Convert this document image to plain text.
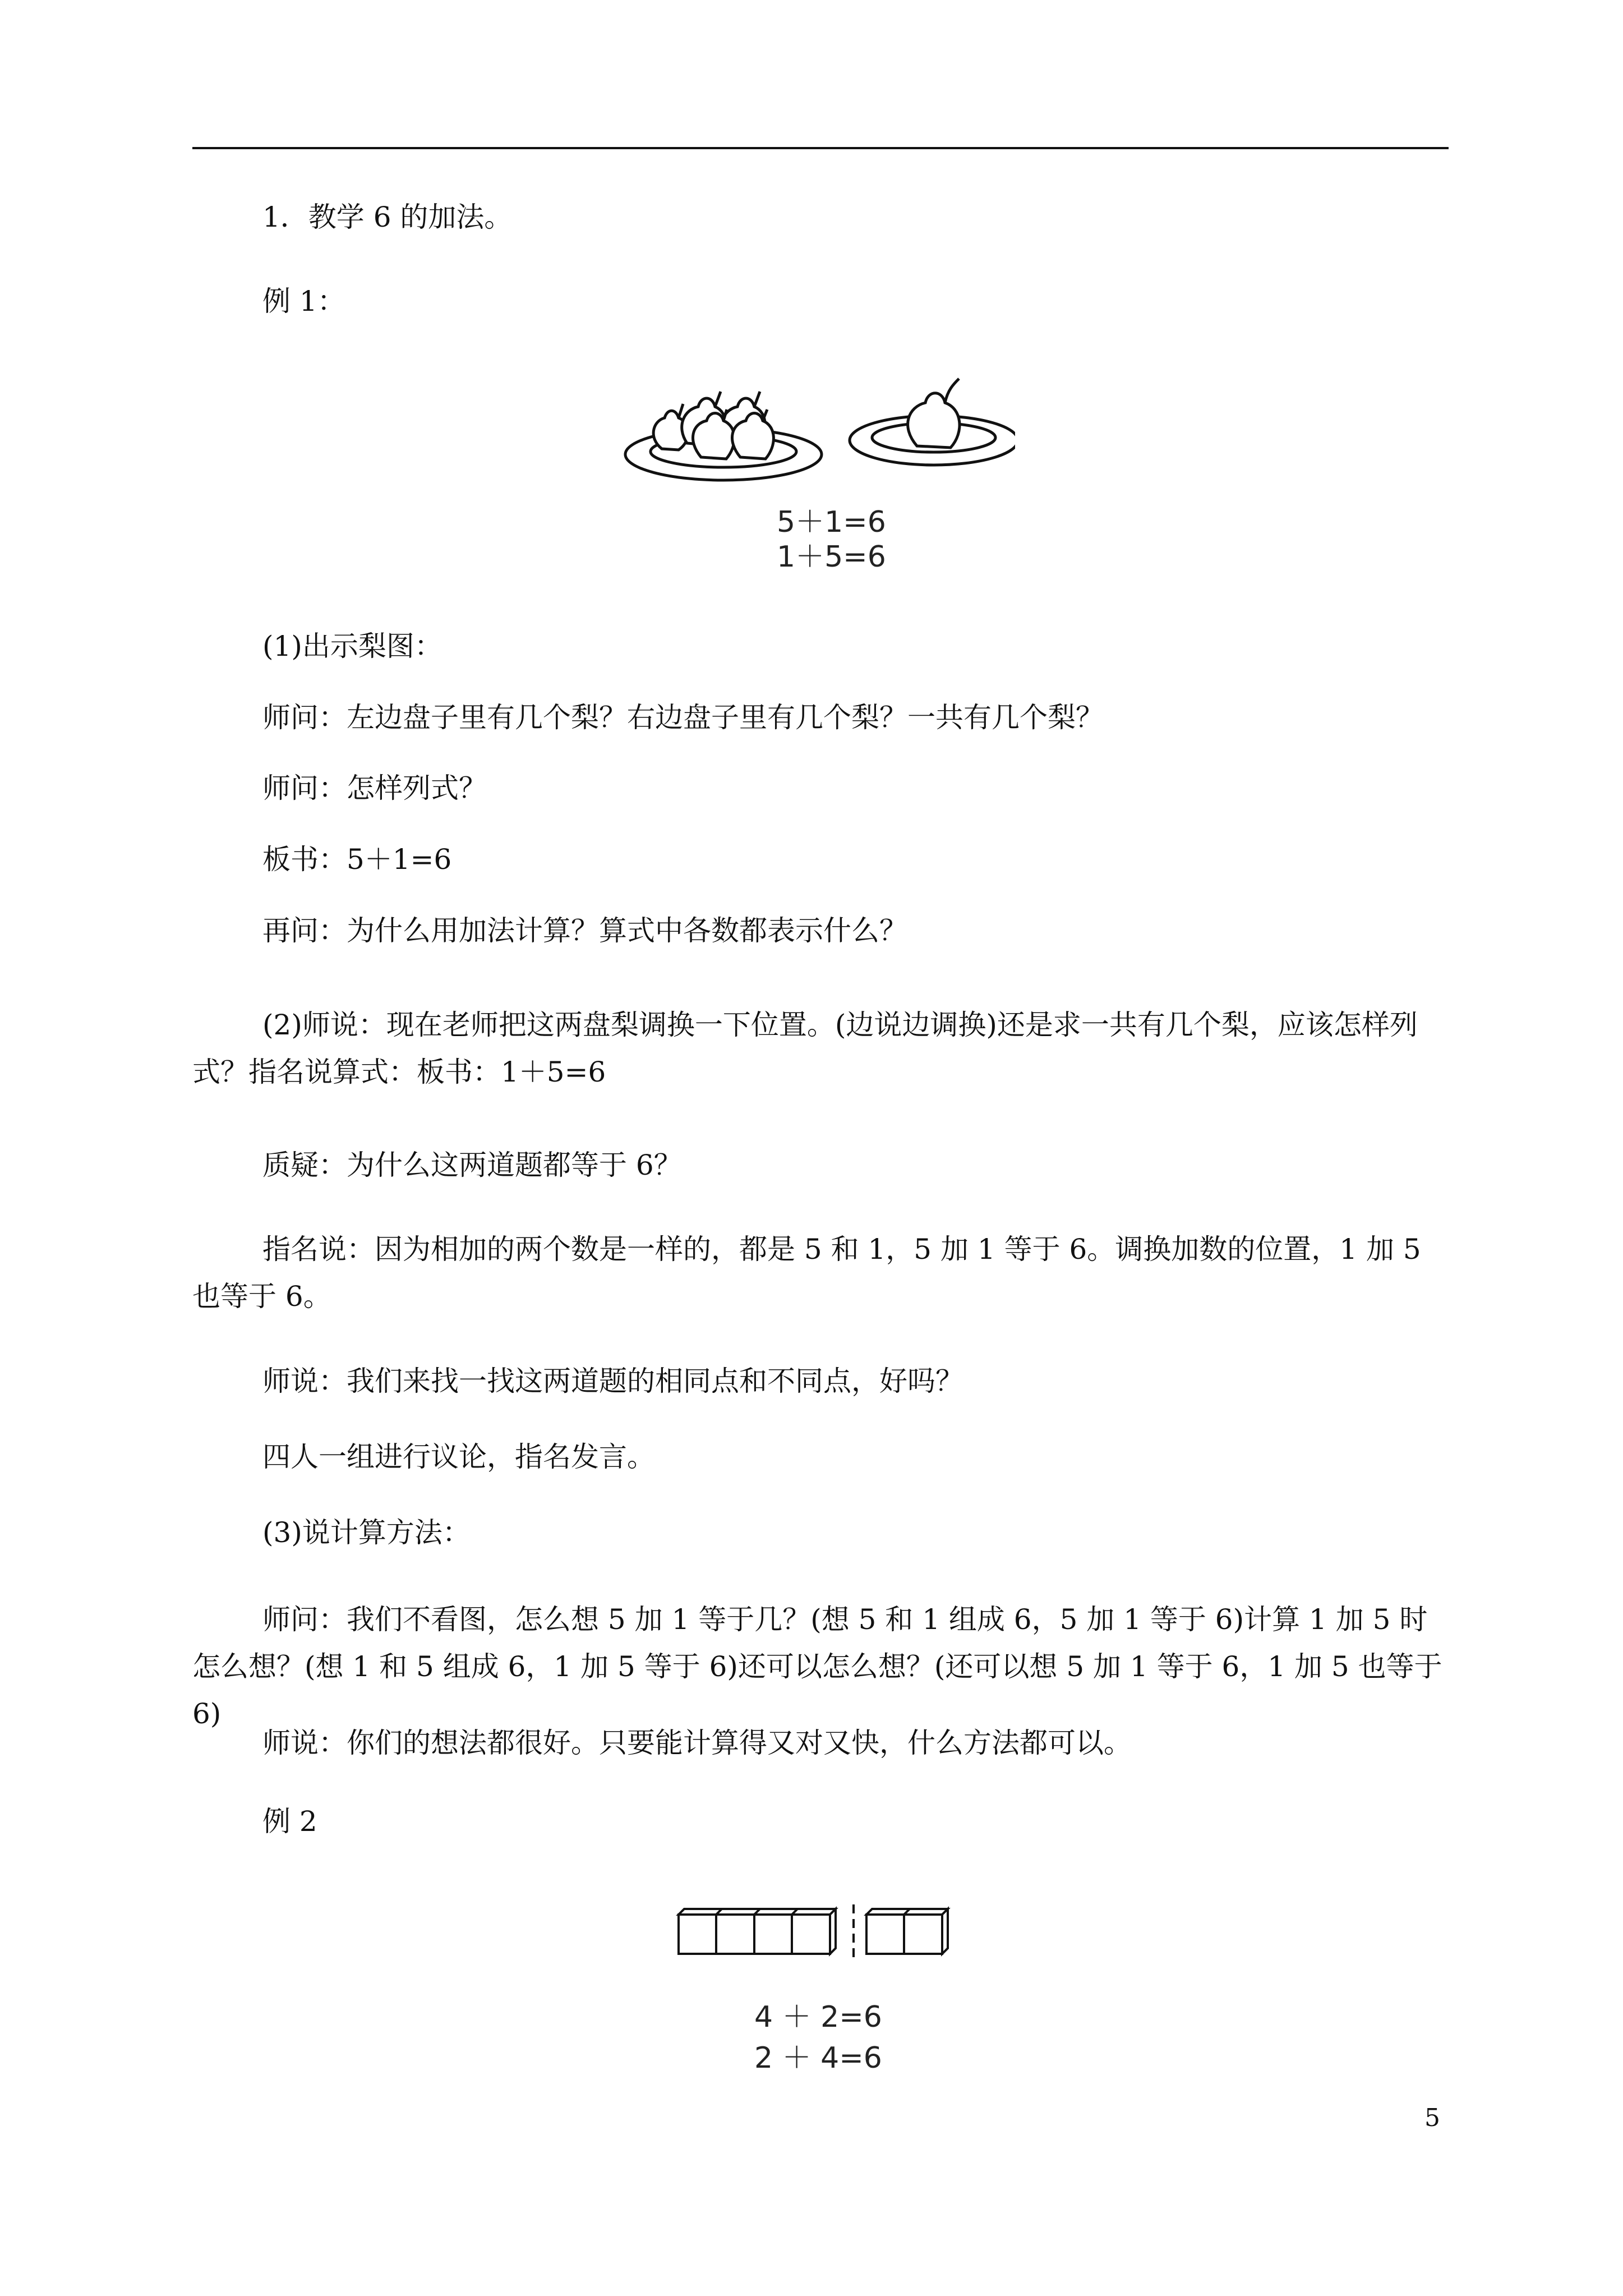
1．教学 6 的加法。

例 1：

5＋1=6
1＋5=6

(1)出示梨图：

师问：左边盘子里有几个梨？右边盘子里有几个梨？一共有几个梨？

师问：怎样列式？

板书：5＋1=6

再问：为什么用加法计算？算式中各数都表示什么？

(2)师说：现在老师把这两盘梨调换一下位置。(边说边调换)还是求一共有几个梨，应该怎样列式？指名说算式：板书：1＋5=6

质疑：为什么这两道题都等于 6？

指名说：因为相加的两个数是一样的，都是 5 和 1，5 加 1 等于 6。调换加数的位置，1 加 5 也等于 6。

师说：我们来找一找这两道题的相同点和不同点，好吗？

四人一组进行议论，指名发言。

(3)说计算方法：

师问：我们不看图，怎么想 5 加 1 等于几？(想 5 和 1 组成 6，5 加 1 等于 6)计算 1 加 5 时怎么想？(想 1 和 5 组成 6，1 加 5 等于 6)还可以怎么想？(还可以想 5 加 1 等于 6，1 加 5 也等于 6)

师说：你们的想法都很好。只要能计算得又对又快，什么方法都可以。

例 2

4 ＋ 2=6
2 ＋ 4=6
5
